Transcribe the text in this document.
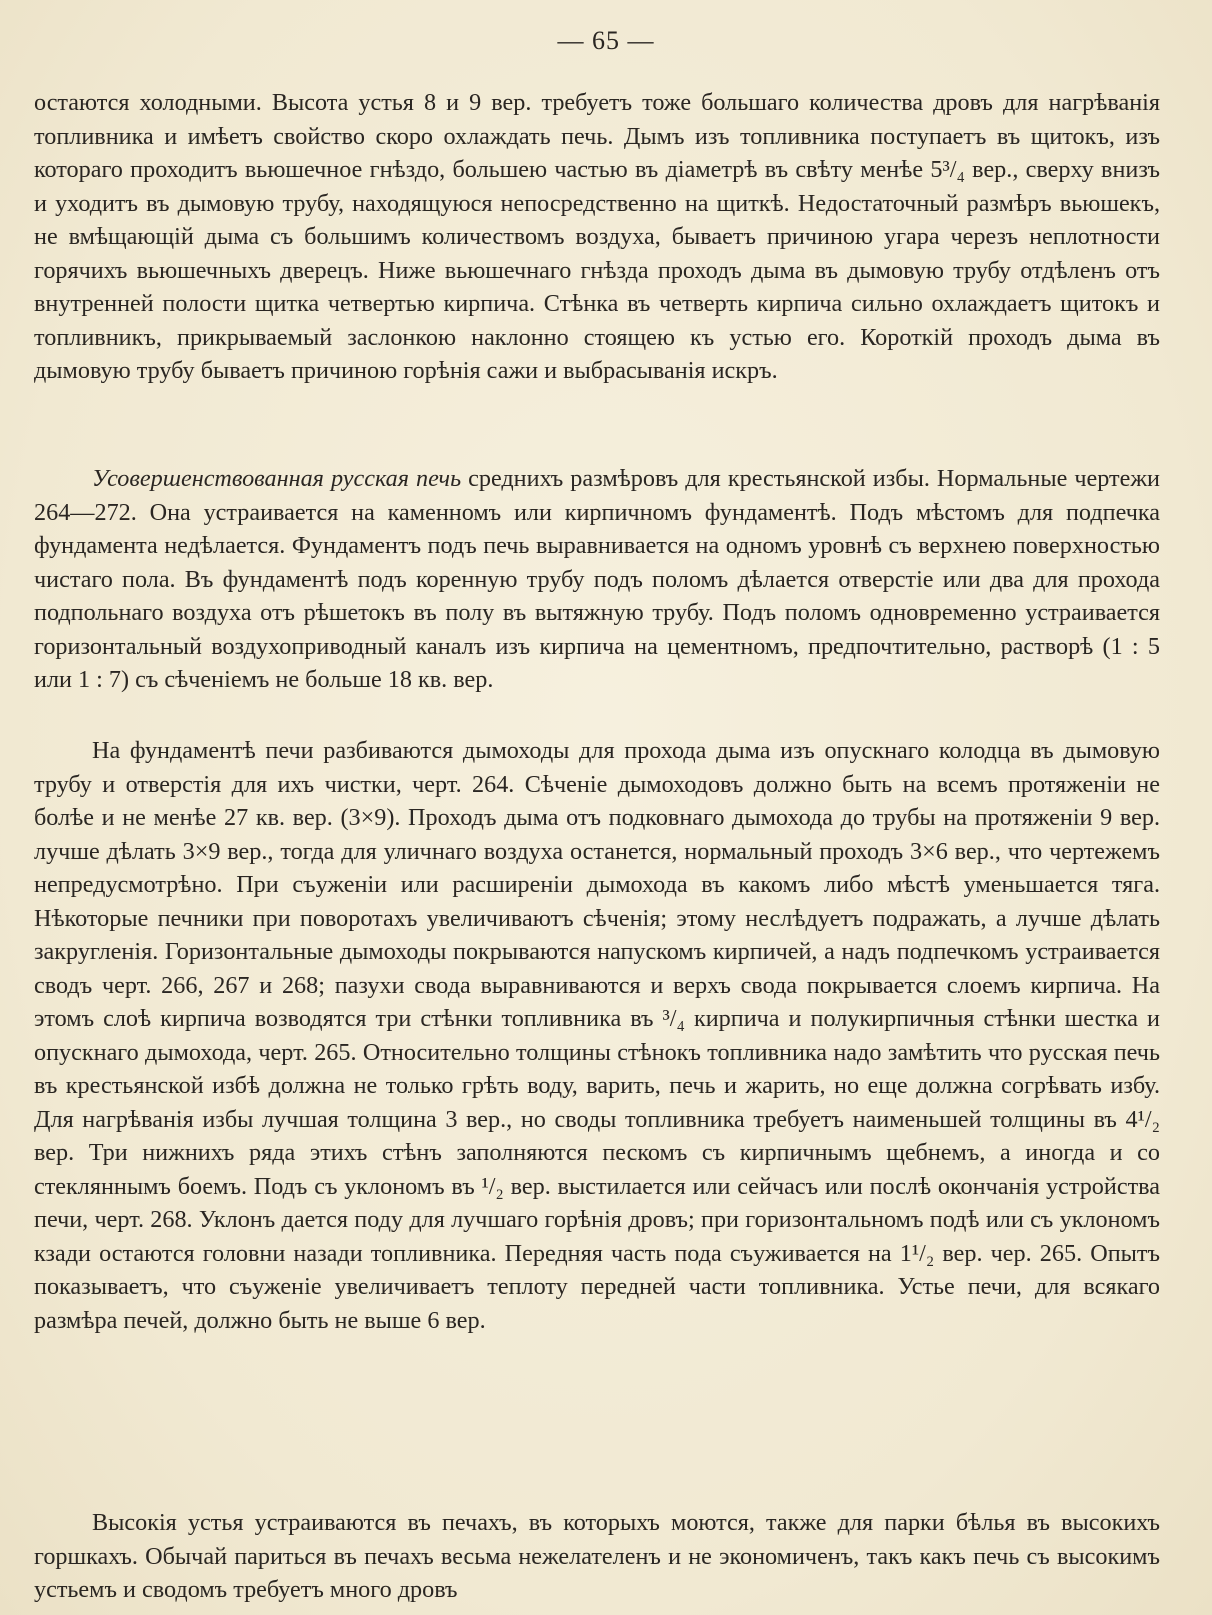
— 65 —

остаются холодными. Высота устья 8 и 9 вер. требуетъ тоже большаго количества дровъ для нагрѣванія топливника и имѣетъ свойство скоро охлаждать печь. Дымъ изъ топливника поступаетъ въ щитокъ, изъ котораго проходитъ вьюшечное гнѣздо, большею частью въ діаметрѣ въ свѣту менѣе 5³/₄ вер., сверху внизъ и уходитъ въ дымовую трубу, находящуюся непосредственно на щиткѣ. Недостаточный размѣръ вьюшекъ, не вмѣщающій дыма съ большимъ количествомъ воздуха, бываетъ причиною угара черезъ неплотности горячихъ вьюшечныхъ дверецъ. Ниже вьюшечнаго гнѣзда проходъ дыма въ дымовую трубу отдѣленъ отъ внутренней полости щитка четвертью кирпича. Стѣнка въ четверть кирпича сильно охлаждаетъ щитокъ и топливникъ, прикрываемый заслонкою наклонно стоящею къ устью его. Короткій проходъ дыма въ дымовую трубу бываетъ причиною горѣнія сажи и выбрасыванія искръ.

Усовершенствованная русская печь среднихъ размѣровъ для крестьянской избы. Нормальные чертежи 264—272. Она устраивается на каменномъ или кирпичномъ фундаментѣ. Подъ мѣстомъ для подпечка фундамента недѣлается. Фундаментъ подъ печь выравнивается на одномъ уровнѣ съ верхнею поверхностью чистаго пола. Въ фундаментѣ подъ коренную трубу подъ поломъ дѣлается отверстіе или два для прохода подпольнаго воздуха отъ рѣшетокъ въ полу въ вытяжную трубу. Подъ поломъ одновременно устраивается горизонтальный воздухоприводный каналъ изъ кирпича на цементномъ, предпочтительно, растворѣ (1 : 5 или 1 : 7) съ сѣченіемъ не больше 18 кв. вер.

На фундаментѣ печи разбиваются дымоходы для прохода дыма изъ опускнаго колодца въ дымовую трубу и отверстія для ихъ чистки, черт. 264. Сѣченіе дымоходовъ должно быть на всемъ протяженіи не болѣе и не менѣе 27 кв. вер. (3×9). Проходъ дыма отъ подковнаго дымохода до трубы на протяженіи 9 вер. лучше дѣлать 3×9 вер., тогда для уличнаго воздуха останется, нормальный проходъ 3×6 вер., что чертежемъ непредусмотрѣно. При съуженіи или расширеніи дымохода въ какомъ либо мѣстѣ уменьшается тяга. Нѣкоторые печники при поворотахъ увеличиваютъ сѣченія; этому неслѣдуетъ подражать, а лучше дѣлать закругленія. Горизонтальные дымоходы покрываются напускомъ кирпичей, а надъ подпечкомъ устраивается сводъ черт. 266, 267 и 268; пазухи свода выравниваются и верхъ свода покрывается слоемъ кирпича. На этомъ слоѣ кирпича возводятся три стѣнки топливника въ ³/₄ кирпича и полукирпичныя стѣнки шестка и опускнаго дымохода, черт. 265. Относительно толщины стѣнокъ топливника надо замѣтить что русская печь въ крестьянской избѣ должна не только грѣть воду, варить, печь и жарить, но еще должна согрѣвать избу. Для нагрѣванія избы лучшая толщина 3 вер., но своды топливника требуетъ наименьшей толщины въ 4¹/₂ вер. Три нижнихъ ряда этихъ стѣнъ заполняются пескомъ съ кирпичнымъ щебнемъ, а иногда и со стекляннымъ боемъ. Подъ съ уклономъ въ ¹/₂ вер. выстилается или сейчасъ или послѣ окончанія устройства печи, черт. 268. Уклонъ дается поду для лучшаго горѣнія дровъ; при горизонтальномъ подѣ или съ уклономъ кзади остаются головни назади топливника. Передняя часть пода съуживается на 1¹/₂ вер. чер. 265. Опытъ показываетъ, что съуженіе увеличиваетъ теплоту передней части топливника. Устье печи, для всякаго размѣра печей, должно быть не выше 6 вер.

Высокія устья устраиваются въ печахъ, въ которыхъ моются, также для парки бѣлья въ высокихъ горшкахъ. Обычай париться въ печахъ весьма нежелателенъ и не экономиченъ, такъ какъ печь съ высокимъ устьемъ и сводомъ требуетъ много дровъ
